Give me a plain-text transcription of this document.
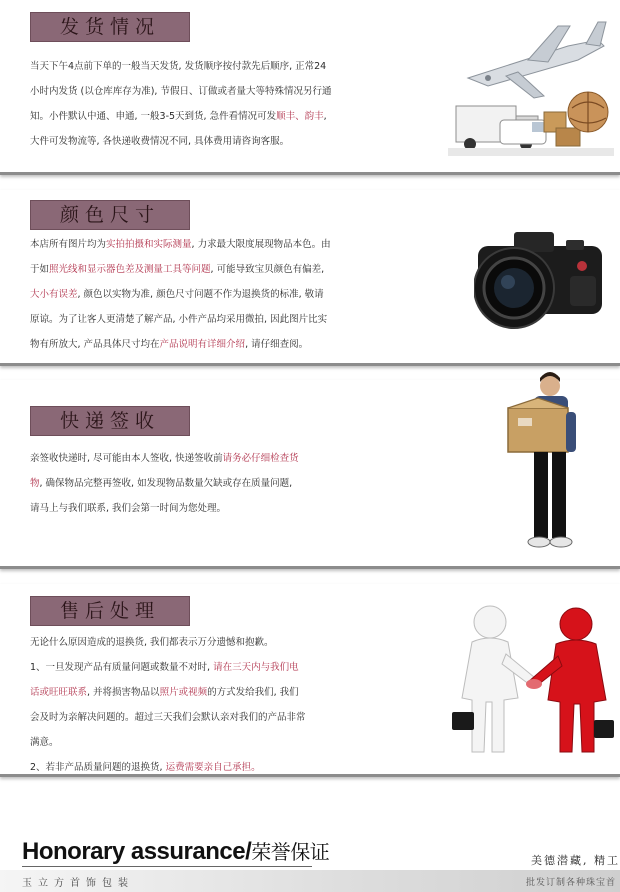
发货情况

当天下午4点前下单的一般当天发货, 发货顺序按付款先后顺序, 正常24

小时内发货 (以仓库库存为准), 节假日、订做或者量大等特殊情况另行通

知。小件默认中通、申通, 一般3-5天到货, 急件看情况可发顺丰、韵丰,

大件可发物流等, 各快递收费情况不同, 具体费用请咨询客服。

颜色尺寸

本店所有图片均为实拍拍摄和实际测量, 力求最大限度展现物品本色。由

于如照光线和显示器色差及测量工具等问题, 可能导致宝贝颜色有偏差,

大小有误差, 颜色以实物为准, 颜色尺寸问题不作为退换货的标准, 敬请

原谅。为了让客人更清楚了解产品, 小件产品均采用微拍, 因此图片比实

物有所放大, 产品具体尺寸均在产品说明有详细介绍, 请仔细查阅。

快递签收

亲签收快递时, 尽可能由本人签收, 快递签收前请务必仔细检查货

物, 确保物品完整再签收, 如发现物品数量欠缺或存在质量问题,

请马上与我们联系, 我们会第一时间为您处理。

售后处理

无论什么原因造成的退换货, 我们都表示万分遗憾和抱歉。

1、一旦发现产品有质量问题或数量不对时, 请在三天内与我们电

话或旺旺联系, 并将损害物品以照片或视频的方式发给我们, 我们

会及时为亲解决问题的。超过三天我们会默认亲对我们的产品非常

满意。

2、若非产品质量问题的退换货, 运费需要亲自己承担。

Honorary assurance/荣誉保证
玉立方首饰包装
美德潜藏, 精工
批发订制各种珠宝首
